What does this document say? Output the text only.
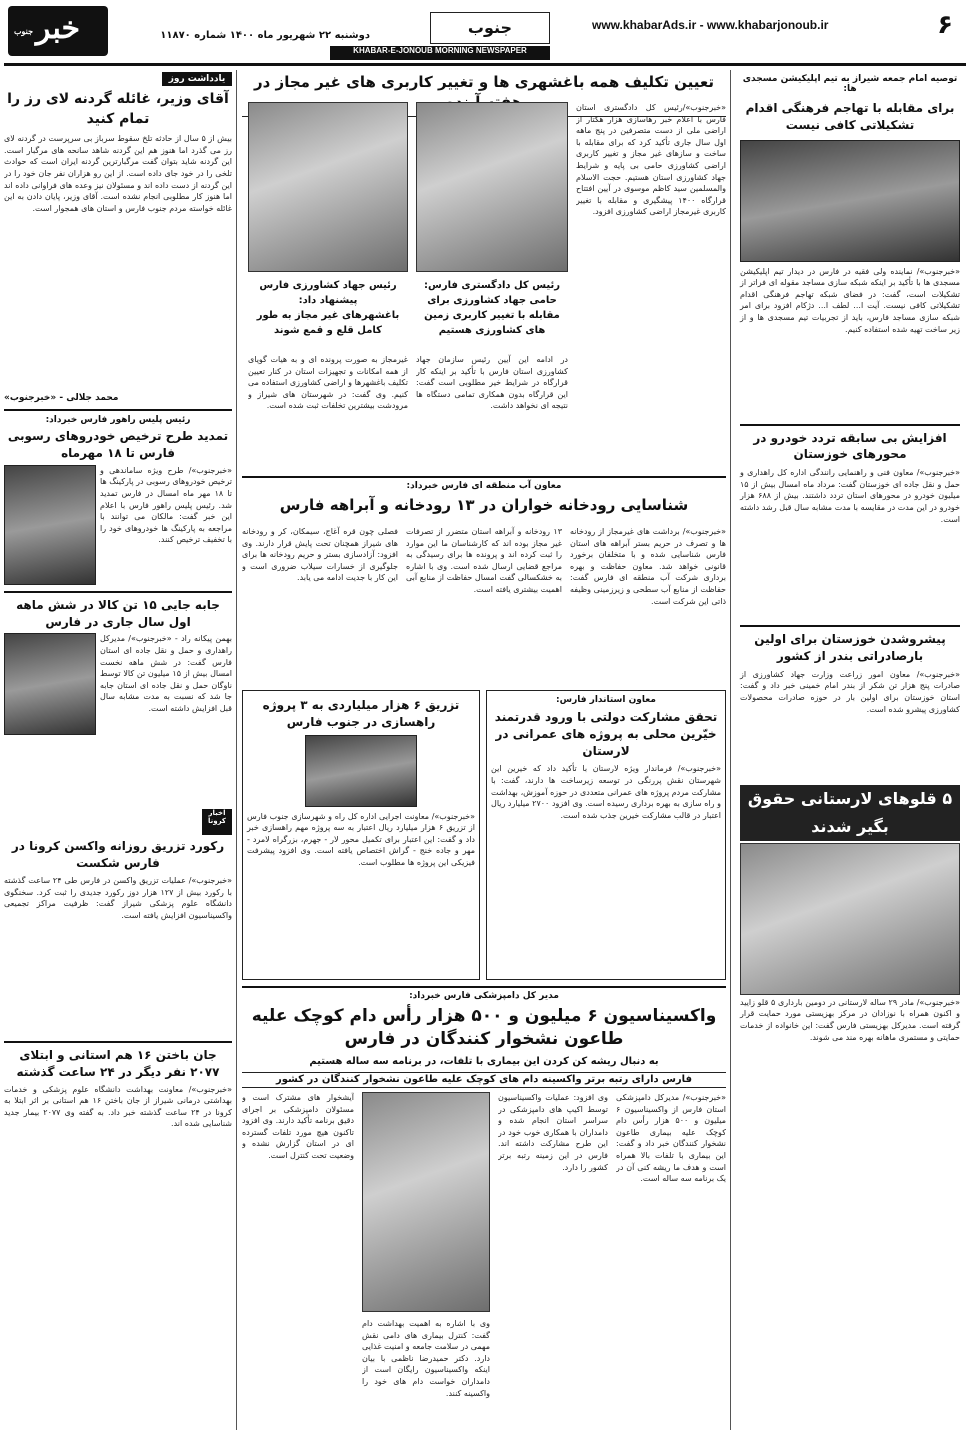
۶
www.khabarAds.ir - www.khabarjonoub.ir
جنوب
KHABAR-E-JONOUB MORNING NEWSPAPER
دوشنبه ۲۲ شهریور ماه ۱۴۰۰ شماره ۱۱۸۷۰
خبر
جنوب
توصیه امام جمعه شیراز به تیم اپلیکیشن مسجدی ها:
برای مقابله با تهاجم فرهنگی اقدام تشکیلاتی کافی نیست
«خبرجنوب»/ نماینده ولی فقیه در فارس در دیدار تیم اپلیکیشن مسجدی ها با تأکید بر اینکه شبکه سازی مساجد مقوله ای فراتر از تشکیلات است، گفت: در فضای شبکه تهاجم فرهنگی اقدام تشکیلاتی کافی نیست. آیت ا... لطف ا... دژکام افزود برای امر شبکه سازی مساجد فارس، باید از تجربیات تیم مسجدی ها و از زیر ساخت تهیه شده استفاده کنیم.
افزایش بی سابقه تردد خودرو در محورهای خوزستان
«خبرجنوب»/ معاون فنی و راهنمایی رانندگی اداره کل راهداری و حمل و نقل جاده ای خوزستان گفت: مرداد ماه امسال بیش از ۱۵ میلیون خودرو در محورهای استان تردد داشتند. بیش از ۶۸۸ هزار خودرو در این مدت در مقایسه با مدت مشابه سال قبل رشد داشته است.
پیشروشدن خوزستان برای اولین بارصادراتی بندر از کشور
«خبرجنوب»/ معاون امور زراعت وزارت جهاد کشاورزی از صادرات پنج هزار تن شکر از بندر امام خمینی خبر داد و گفت: استان خوزستان برای اولین بار در حوزه صادرات محصولات کشاورزی پیشرو شده است.
۵ قلوهای لارستانی حقوق بگیر شدند
«خبرجنوب»/ مادر ۲۹ ساله لارستانی در دومین بارداری ۵ قلو زایید و اکنون همراه با نوزادان در مرکز بهزیستی مورد حمایت قرار گرفته است. مدیرکل بهزیستی فارس گفت: این خانواده از خدمات حمایتی و مستمری ماهانه بهره مند می شوند.
تعیین تکلیف همه باغشهری ها و تغییر کاربری های غیر مجاز در
«خبرجنوب»/رئیس کل دادگستری استان فارس با اعلام خبر رهاسازی هزار هکتار از اراضی ملی از دست متصرفین در پنج ماهه اول سال جاری تأکید کرد که برای مقابله با ساخت و سازهای غیر مجاز و تغییر کاربری اراضی کشاورزی حامی بی پایه و شرایط جهاد کشاورزی استان هستیم. حجت الاسلام والمسلمین سید کاظم موسوی در آیین افتتاح قرارگاه ۱۴۰۰ پیشگیری و مقابله با تغییر کاربری غیرمجاز اراضی کشاورزی افزود.
رئیس کل دادگستری فارس: حامی جهاد کشاورزی برای مقابله با تغییر کاربری زمین های کشاورزی هستیم
رئیس جهاد کشاورزی فارس پیشنهاد داد:
باغشهرهای غیر مجاز به طور کامل قلع و قمع شوند
در ادامه این آیین رئیس سازمان جهاد کشاورزی استان فارس با تأکید بر اینکه کار قرارگاه در شرایط خیر مطلوبی است گفت: این قرارگاه بدون همکاری تمامی دستگاه ها نتیجه ای نخواهد داشت.
غیرمجاز به صورت پرونده ای و به هیات گویای از همه امکانات و تجهیزات استان در کنار تعیین تکلیف باغشهرها و اراضی کشاورزی استفاده می کنیم. وی گفت: در شهرستان های شیراز و مرودشت بیشترین تخلفات ثبت شده است.
معاون آب منطقه ای فارس خبرداد:
شناسایی رودخانه خواران در ۱۳ رودخانه و آبراهه فارس
«خبرجنوب»/ برداشت های غیرمجاز از رودخانه ها و تصرف در حریم بستر آبراهه های استان فارس شناسایی شده و با متخلفان برخورد قانونی خواهد شد. معاون حفاظت و بهره برداری شرکت آب منطقه ای فارس گفت: حفاظت از منابع آب سطحی و زیرزمینی وظیفه ذاتی این شرکت است.
۱۳ رودخانه و آبراهه استان متضرر از تصرفات غیر مجاز بوده اند که کارشناسان ما این موارد را ثبت کرده اند و پرونده ها برای رسیدگی به مراجع قضایی ارسال شده است. وی با اشاره به خشکسالی گفت امسال حفاظت از منابع آبی اهمیت بیشتری یافته است.
فصلی چون قره آغاج، سیمکان، کر و رودخانه های شیراز همچنان تحت پایش قرار دارند. وی افزود: آزادسازی بستر و حریم رودخانه ها برای جلوگیری از خسارات سیلاب ضروری است و این کار با جدیت ادامه می یابد.
معاون استاندار فارس:
تحقق مشارکت دولتی با ورود قدرتمند خیّرین محلی به پروژه های عمرانی در لارستان
«خبرجنوب»/ فرماندار ویژه لارستان با تأکید داد که خیرین این شهرستان نقش پررنگی در توسعه زیرساخت ها دارند، گفت: با مشارکت مردم پروژه های عمرانی متعددی در حوزه آموزش، بهداشت و راه سازی به بهره برداری رسیده است. وی افزود ۲۷۰۰ میلیارد ریال اعتبار در قالب مشارکت خیرین جذب شده است.
تزریق ۶ هزار میلیاردی به ۳ پروژه راهسازی در جنوب فارس
«خبرجنوب»/ معاونت اجرایی اداره کل راه و شهرسازی جنوب فارس از تزریق ۶ هزار میلیارد ریال اعتبار به سه پروژه مهم راهسازی خبر داد و گفت: این اعتبار برای تکمیل محور لار - جهرم، بزرگراه لامرد - مهر و جاده خنج - گراش اختصاص یافته است. وی افزود پیشرفت فیزیکی این پروژه ها مطلوب است.
مدیر کل دامپزشکی فارس خبرداد:
واکسیناسیون ۶ میلیون و ۵۰۰ هزار رأس دام کوچک علیه طاعون نشخوار کنندگان در فارس
به دنبال ریشه کن کردن این بیماری با تلفات، در برنامه سه ساله هستیم
فارس دارای رتبه برتر واکسینه دام های کوچک علیه طاعون نشخوار کنندگان در کشور
«خبرجنوب»/ مدیرکل دامپزشکی استان فارس از واکسیناسیون ۶ میلیون و ۵۰۰ هزار رأس دام کوچک علیه بیماری طاعون نشخوار کنندگان خبر داد و گفت: این بیماری با تلفات بالا همراه است و هدف ما ریشه کنی آن در یک برنامه سه ساله است.
وی افزود: عملیات واکسیناسیون توسط اکیپ های دامپزشکی در سراسر استان انجام شده و دامداران با همکاری خوب خود در این طرح مشارکت داشته اند. فارس در این زمینه رتبه برتر کشور را دارد.
وی با اشاره به اهمیت بهداشت دام گفت: کنترل بیماری های دامی نقش مهمی در سلامت جامعه و امنیت غذایی دارد. دکتر حمیدرضا ناظمی با بیان اینکه واکسیناسیون رایگان است از دامداران خواست دام های خود را واکسینه کنند.
آیشخوار های مشترک است و مسئولان دامپزشکی بر اجرای دقیق برنامه تأکید دارند. وی افزود تاکنون هیچ مورد تلفات گسترده ای در استان گزارش نشده و وضعیت تحت کنترل است.
یادداشت روز
آقای وزیر، غائله گردنه لای رز را تمام کنید
بیش از ۵ سال از حادثه تلخ سقوط سرباز بی سرپرست در گردنه لای رز می گذرد اما هنوز هم این گردنه شاهد سانحه های مرگبار است. این گردنه شاید بتوان گفت مرگبارترین گردنه ایران است که حوادث تلخی را در خود جای داده است. از این رو هزاران نفر جان خود را در این گردنه از دست داده اند و مسئولان نیز وعده های فراوانی داده اند اما هنوز کار مطلوبی انجام نشده است. آقای وزیر، پایان دادن به این غائله خواسته مردم جنوب فارس و استان های همجوار است.
محمد جلالی - «خبرجنوب»
رئیس پلیس راهور فارس خبرداد:
تمدید طرح ترخیص خودروهای رسوبی فارس تا ۱۸ مهرماه
«خبرجنوب»/ طرح ویژه ساماندهی و ترخیص خودروهای رسوبی در پارکینگ ها تا ۱۸ مهر ماه امسال در فارس تمدید شد. رئیس پلیس راهور فارس با اعلام این خبر گفت: مالکان می توانند با مراجعه به پارکینگ ها خودروهای خود را با تخفیف ترخیص کنند.
جابه جایی ۱۵ تن کالا در شش ماهه اول سال جاری در فارس
بهمن پیکانه راد - «خبرجنوب»/ مدیرکل راهداری و حمل و نقل جاده ای استان فارس گفت: در شش ماهه نخست امسال بیش از ۱۵ میلیون تن کالا توسط ناوگان حمل و نقل جاده ای استان جابه جا شد که نسبت به مدت مشابه سال قبل افزایش داشته است.
اخبار کرونا
رکورد تزریق روزانه واکسن کرونا در فارس شکست
«خبرجنوب»/ عملیات تزریق واکسن در فارس طی ۲۴ ساعت گذشته با رکورد بیش از ۱۲۷ هزار دوز رکورد جدیدی را ثبت کرد. سخنگوی دانشگاه علوم پزشکی شیراز گفت: ظرفیت مراکز تجمیعی واکسیناسیون افزایش یافته است.
جان باختن ۱۶ هم استانی و ابتلای ۲۰۷۷ نفر دیگر در ۲۴ ساعت گذشته
«خبرجنوب»/ معاونت بهداشت دانشگاه علوم پزشکی و خدمات بهداشتی درمانی شیراز از جان باختن ۱۶ هم استانی بر اثر ابتلا به کرونا در ۲۴ ساعت گذشته خبر داد. به گفته وی ۲۰۷۷ بیمار جدید شناسایی شده اند.
